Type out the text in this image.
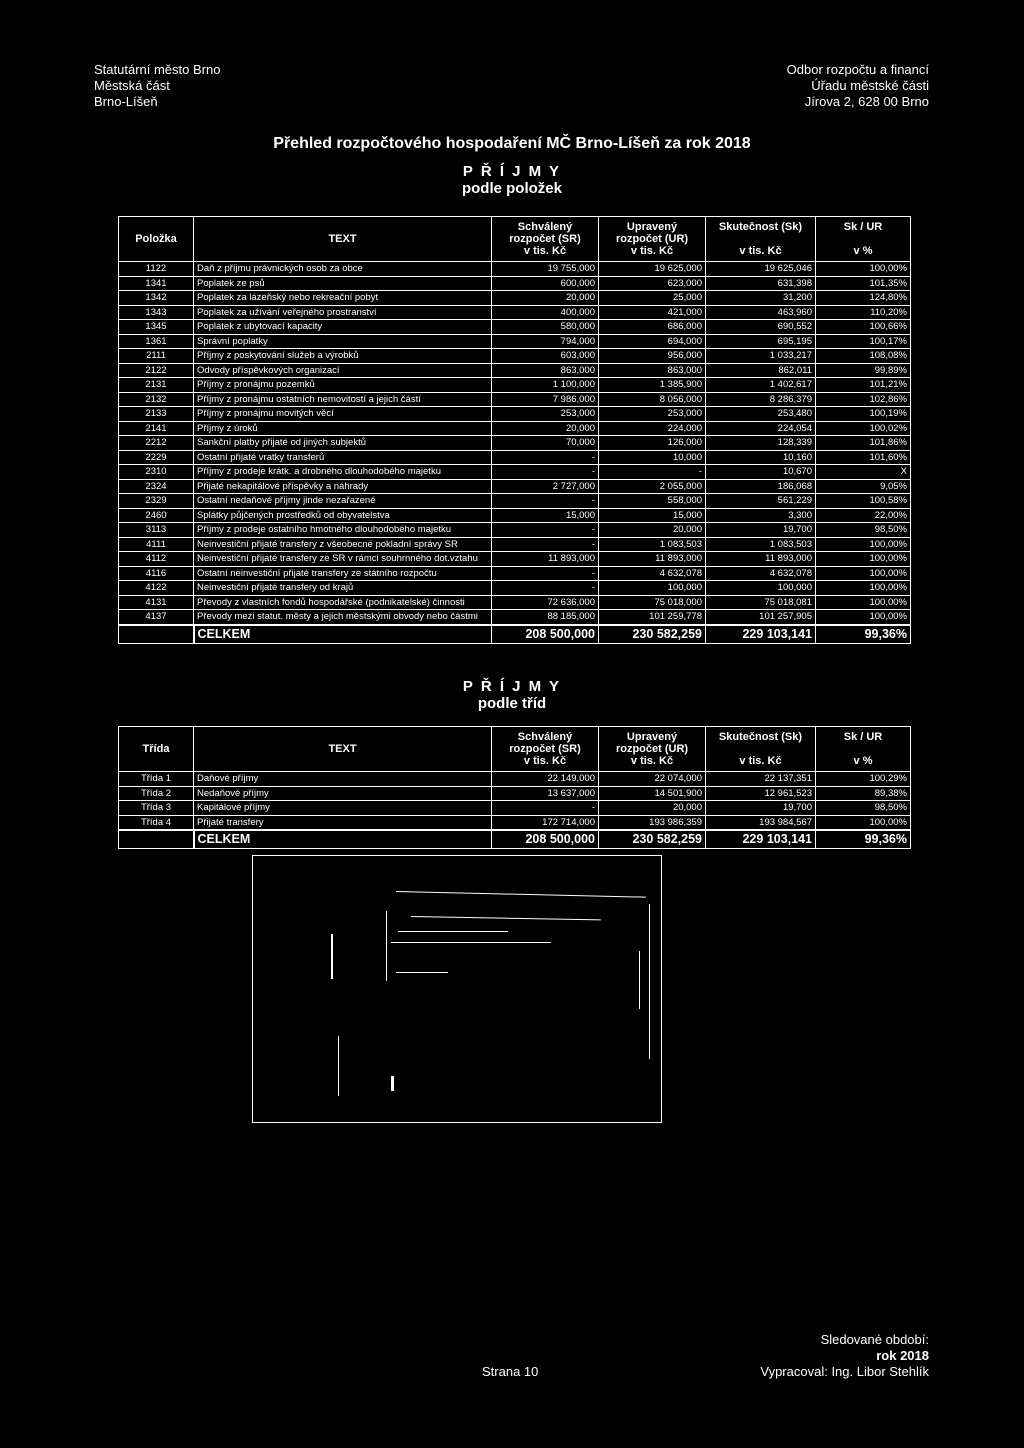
Statutární město Brno
Městská část
Brno-Líšeň
Odbor rozpočtu a financí
Úřadu městské části
Jírova 2, 628 00 Brno
Přehled rozpočtového hospodaření MČ Brno-Líšeň za rok 2018
P Ř Í J M Y
podle položek
Položka	TEXT	Schválený
rozpočet (SR)
v tis. Kč	Upravený
rozpočet (UR)
v tis. Kč	Skutečnost (Sk)

v tis. Kč	Sk / UR

v %
1122	Daň z příjmu právnických osob za obce	19 755,000	19 625,000	19 625,046	100,00%
1341	Poplatek ze psů	600,000	623,000	631,398	101,35%
1342	Poplatek za lázeňský nebo rekreační pobyt	20,000	25,000	31,200	124,80%
1343	Poplatek za užívání veřejného prostranství	400,000	421,000	463,960	110,20%
1345	Poplatek z ubytovací kapacity	580,000	686,000	690,552	100,66%
1361	Správní poplatky	794,000	694,000	695,195	100,17%
2111	Příjmy z poskytování služeb a výrobků	603,000	956,000	1 033,217	108,08%
2122	Odvody příspěvkových organizací	863,000	863,000	862,011	99,89%
2131	Příjmy z pronájmu pozemků	1 100,000	1 385,900	1 402,617	101,21%
2132	Příjmy z pronájmu ostatních nemovitostí a jejich částí	7 986,000	8 056,000	8 286,379	102,86%
2133	Příjmy z pronájmu movitých věcí	253,000	253,000	253,480	100,19%
2141	Příjmy z úroků	20,000	224,000	224,054	100,02%
2212	Sankční platby přijaté od jiných subjektů	70,000	126,000	128,339	101,86%
2229	Ostatní přijaté vratky transferů	-	10,000	10,160	101,60%
2310	Příjmy z prodeje krátk. a drobného dlouhodobého majetku	-	-	10,670	X
2324	Přijaté nekapitálové příspěvky a náhrady	2 727,000	2 055,000	186,068	9,05%
2329	Ostatní nedaňové příjmy jinde nezařazené	-	558,000	561,229	100,58%
2460	Splátky půjčených prostředků od obyvatelstva	15,000	15,000	3,300	22,00%
3113	Příjmy z prodeje ostatního hmotného dlouhodobého majetku	-	20,000	19,700	98,50%
4111	Neinvestiční přijaté transfery z všeobecné pokladní správy SR	-	1 083,503	1 083,503	100,00%
4112	Neinvestiční přijaté transfery ze SR v rámci souhrnného dot.vztahu	11 893,000	11 893,000	11 893,000	100,00%
4116	Ostatní neinvestiční přijaté transfery ze státního rozpočtu	-	4 632,078	4 632,078	100,00%
4122	Neinvestiční přijaté transfery od krajů	-	100,000	100,000	100,00%
4131	Převody z vlastních fondů hospodářské (podnikatelské) činnosti	72 636,000	75 018,000	75 018,081	100,00%
4137	Převody mezi statut. městy a jejich městskými obvody nebo částmi	88 185,000	101 259,778	101 257,905	100,00%
	CELKEM	208 500,000	230 582,259	229 103,141	99,36%
P Ř Í J M Y
podle tříd
Třída	TEXT	Schválený
rozpočet (SR)
v tis. Kč	Upravený
rozpočet (UR)
v tis. Kč	Skutečnost (Sk)

v tis. Kč	Sk / UR

v %
Třída 1	Daňové příjmy	22 149,000	22 074,000	22 137,351	100,29%
Třída 2	Nedaňové příjmy	13 637,000	14 501,900	12 961,523	89,38%
Třída 3	Kapitálové příjmy	-	20,000	19,700	98,50%
Třída 4	Přijaté transfery	172 714,000	193 986,359	193 984,567	100,00%
	CELKEM	208 500,000	230 582,259	229 103,141	99,36%
Strana 10
Sledované období:
rok 2018
Vypracoval: Ing. Libor Stehlík
